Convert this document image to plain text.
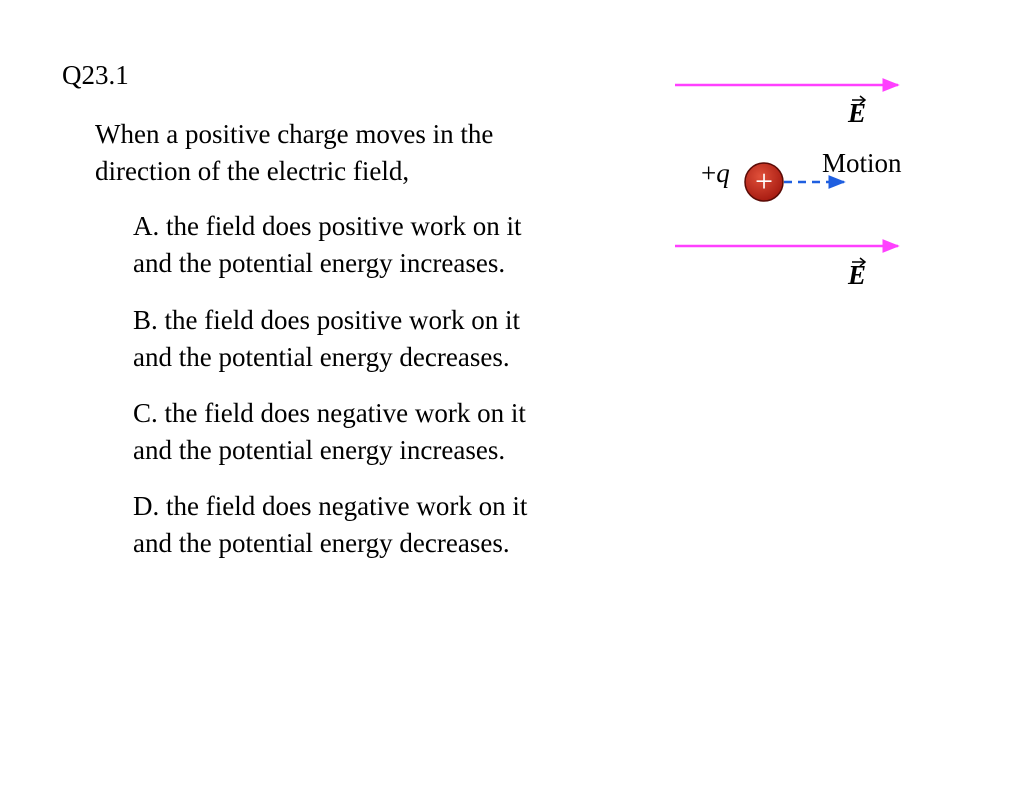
Q23.1
When a positive charge moves in the
direction of the electric field,
A. the field does positive work on it
and the potential energy increases.
B. the field does positive work on it
and the potential energy decreases.
C. the field does negative work on it
and the potential energy increases.
D. the field does negative work on it
and the potential energy decreases.
E
+q + Motion
E
